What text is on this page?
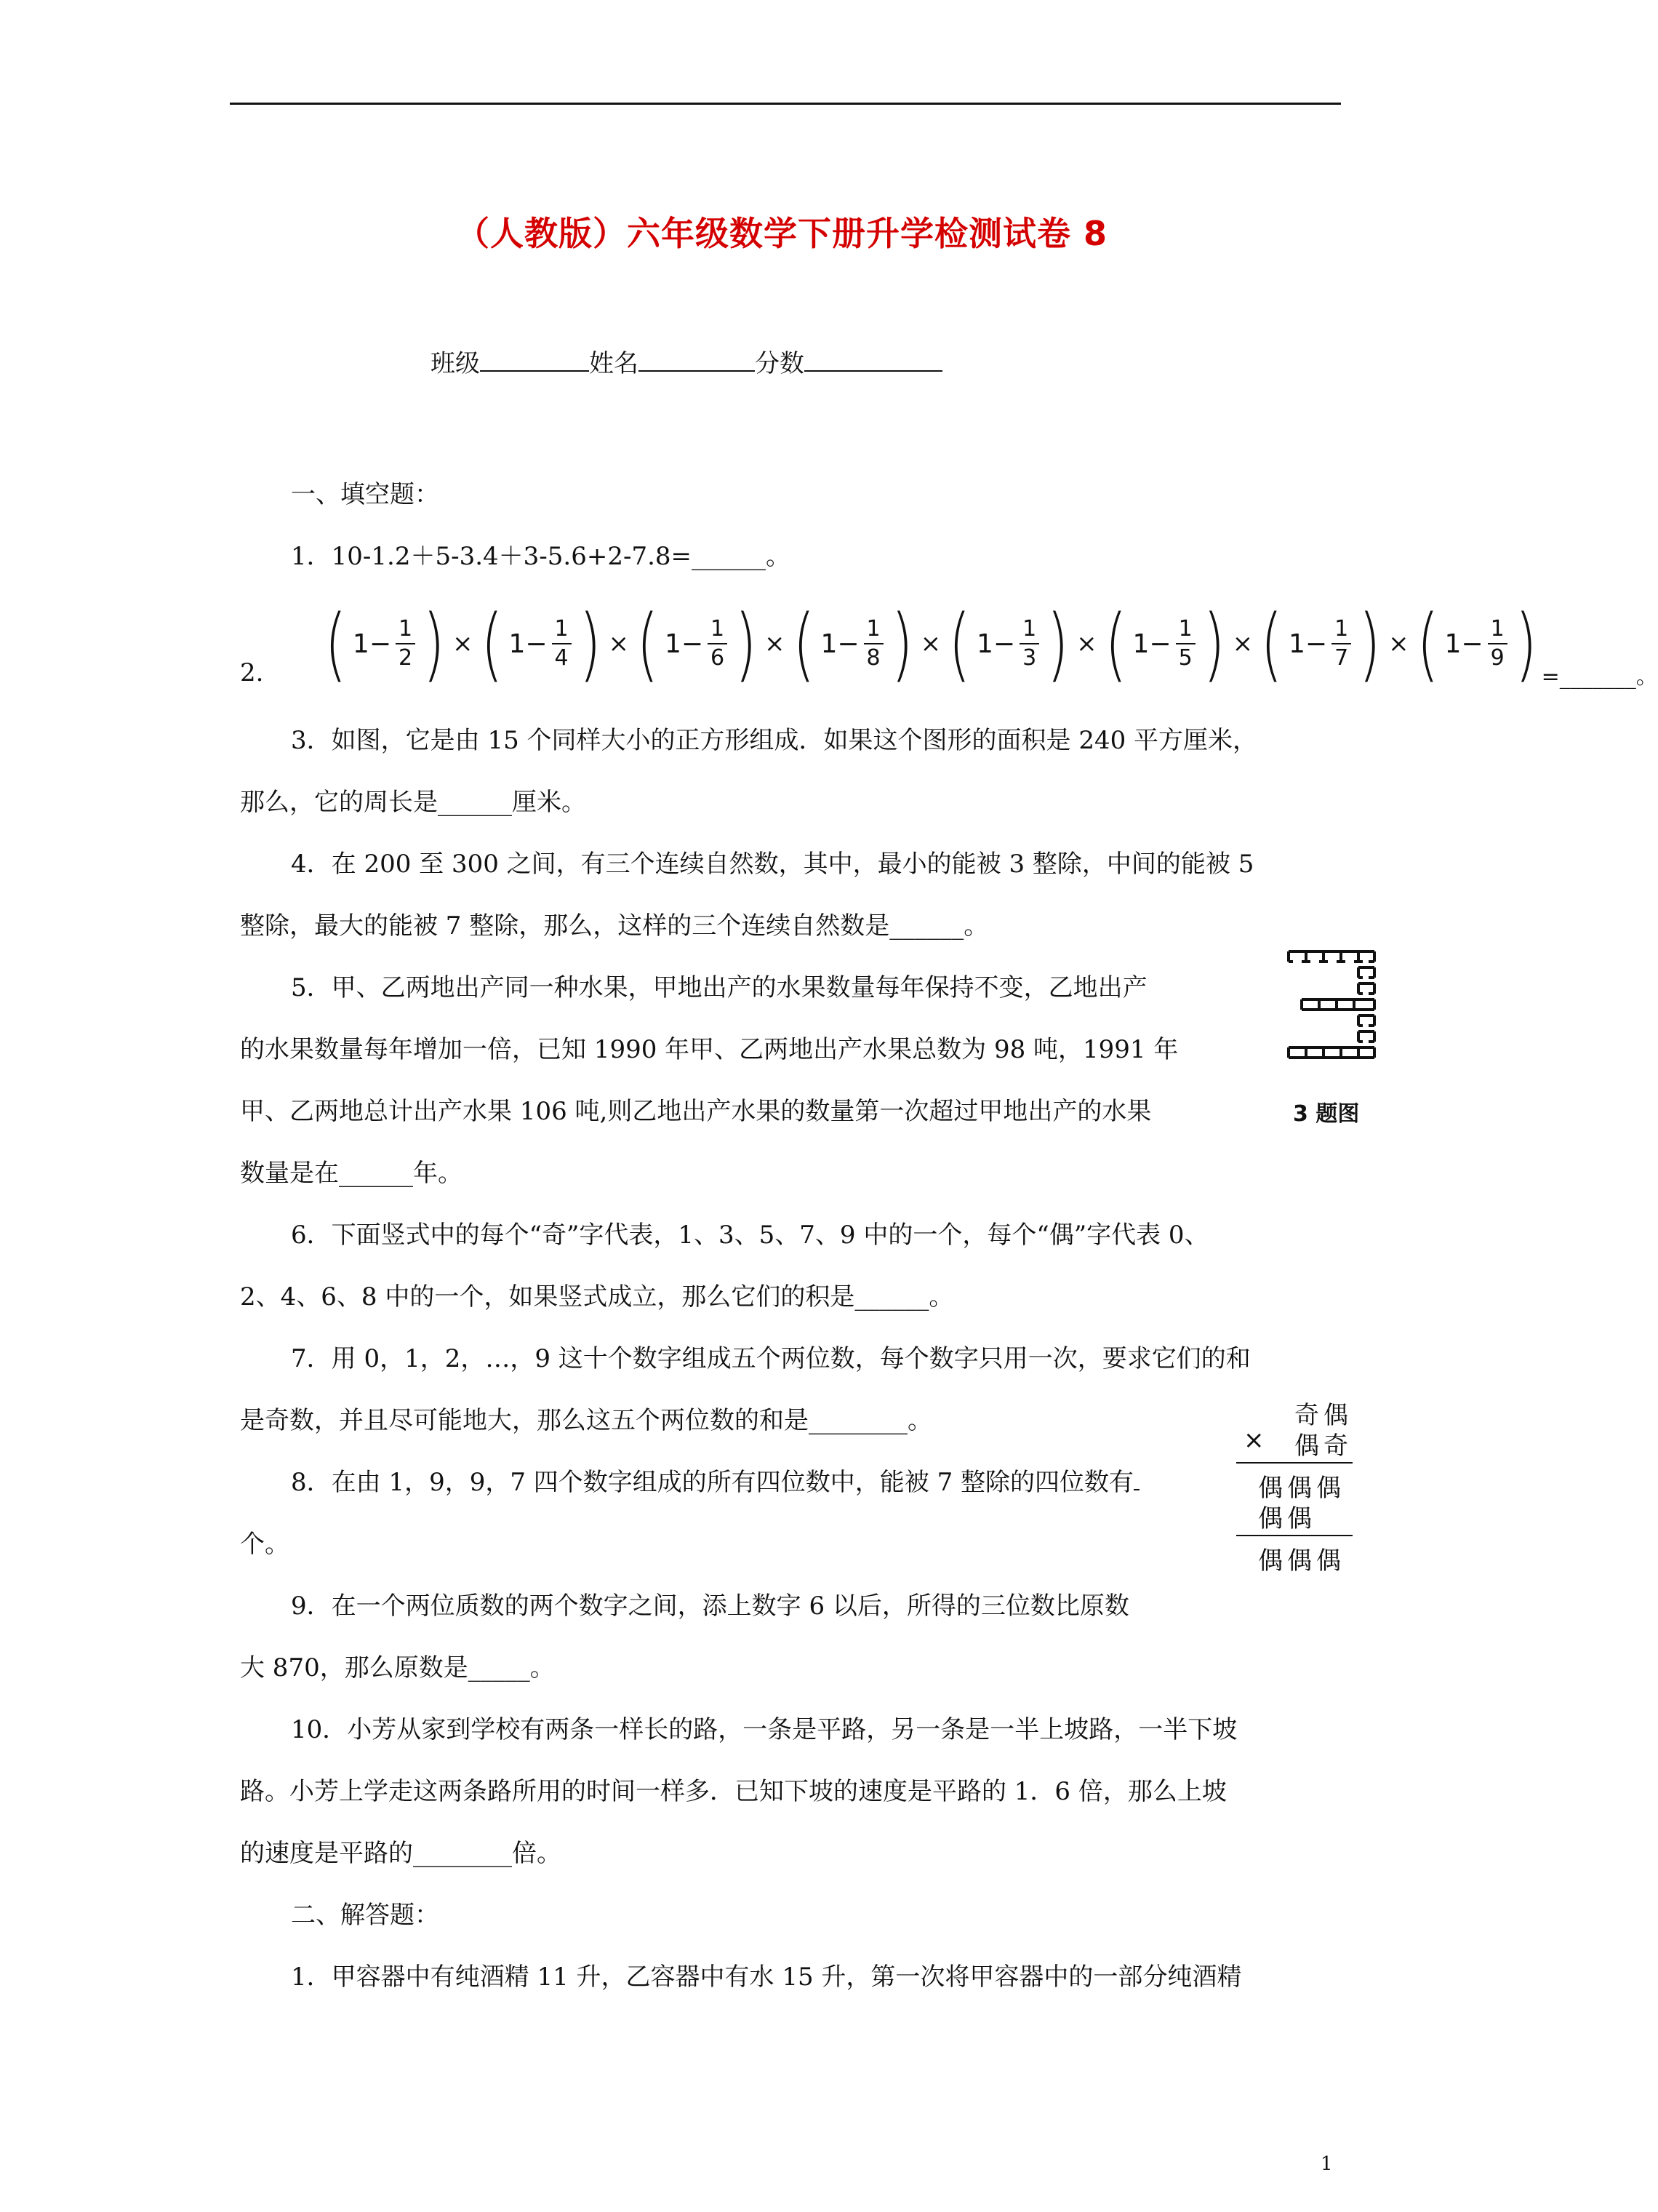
（人教版）六年级数学下册升学检测试卷 8
班级	姓名	分数
一、填空题：
1．10-1.2＋5-3.4＋3-5.6+2-7.8=______。
2. ( $1- \frac{1}{2}$ ) × ( $1- \frac{1}{4}$ ) × ( $1- \frac{1}{6}$ ) × ( $1- \frac{1}{8}$ ) × ( $1- \frac{1}{3}$ ) × ( $1- \frac{1}{5}$ ) × ( $1- \frac{1}{7}$ ) × ( $1- \frac{1}{9}$ ) =_______。
3．如图，它是由 15 个同样大小的正方形组成．如果这个图形的面积是 240 平方厘米，
那么，它的周长是______厘米。
4．在 200 至 300 之间，有三个连续自然数，其中，最小的能被 3 整除，中间的能被 5
整除，最大的能被 7 整除，那么，这样的三个连续自然数是______。
5．甲、乙两地出产同一种水果，甲地出产的水果数量每年保持不变，乙地出产
的水果数量每年增加一倍，已知 1990 年甲、乙两地出产水果总数为 98 吨，1991 年
甲、乙两地总计出产水果 106 吨,则乙地出产水果的数量第一次超过甲地出产的水果
数量是在______年。
3 题图
6．下面竖式中的每个“奇”字代表，1、3、5、7、9 中的一个，每个“偶”字代表 0、
2、4、6、8 中的一个，如果竖式成立，那么它们的积是______。
7．用 0，1，2，…，9 这十个数字组成五个两位数，每个数字只用一次，要求它们的和
是奇数，并且尽可能地大，那么这五个两位数的和是________。	奇偶
× 偶奇
偶偶偶
偶偶
偶偶偶
8．在由 1，9，9，7 四个数字组成的所有四位数中，能被 7 整除的四位数有
个。
9．在一个两位质数的两个数字之间，添上数字 6 以后，所得的三位数比原数
大 870，那么原数是_____。
10．小芳从家到学校有两条一样长的路，一条是平路，另一条是一半上坡路，一半下坡
路。小芳上学走这两条路所用的时间一样多．已知下坡的速度是平路的 1．6 倍，那么上坡
的速度是平路的________倍。
二、解答题：
1．甲容器中有纯酒精 11 升，乙容器中有水 15 升，第一次将甲容器中的一部分纯酒精
1
